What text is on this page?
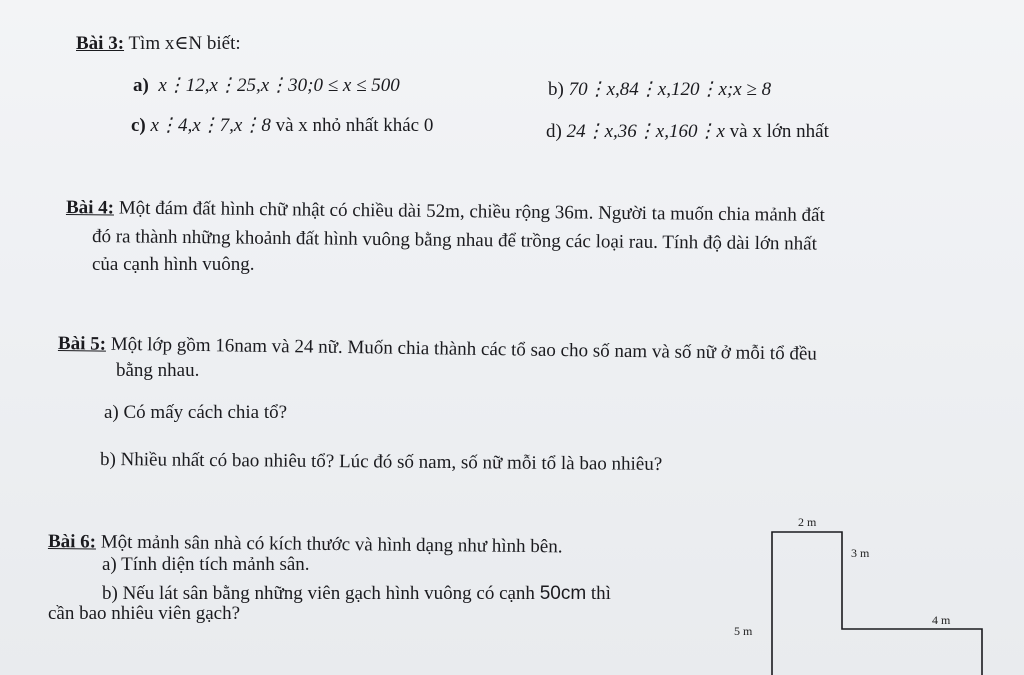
Bài 3: Tìm x∈N biết:
a) x⋮12,x⋮25,x⋮30;0 ≤ x ≤ 500	b) 70⋮x,84⋮x,120⋮x;x ≥ 8
c) x⋮4,x⋮7,x⋮8 và x nhỏ nhất khác 0	d) 24⋮x,36⋮x,160⋮x và x lớn nhất
Bài 4: Một đám đất hình chữ nhật có chiều dài 52m, chiều rộng 36m. Người ta muốn chia mảnh đất
đó ra thành những khoảnh đất hình vuông bằng nhau để trồng các loại rau. Tính độ dài lớn nhất
của cạnh hình vuông.
Bài 5: Một lớp gồm 16nam và 24 nữ. Muốn chia thành các tổ sao cho số nam và số nữ ở mỗi tổ đều
bằng nhau.
a) Có mấy cách chia tổ?
b) Nhiều nhất có bao nhiêu tổ? Lúc đó số nam, số nữ mỗi tổ là bao nhiêu?
Bài 6: Một mảnh sân nhà có kích thước và hình dạng như hình bên.
a) Tính diện tích mảnh sân.
b) Nếu lát sân bằng những viên gạch hình vuông có cạnh 50cm thì
cần bao nhiêu viên gạch?
2 m
3 m
5 m
4 m
